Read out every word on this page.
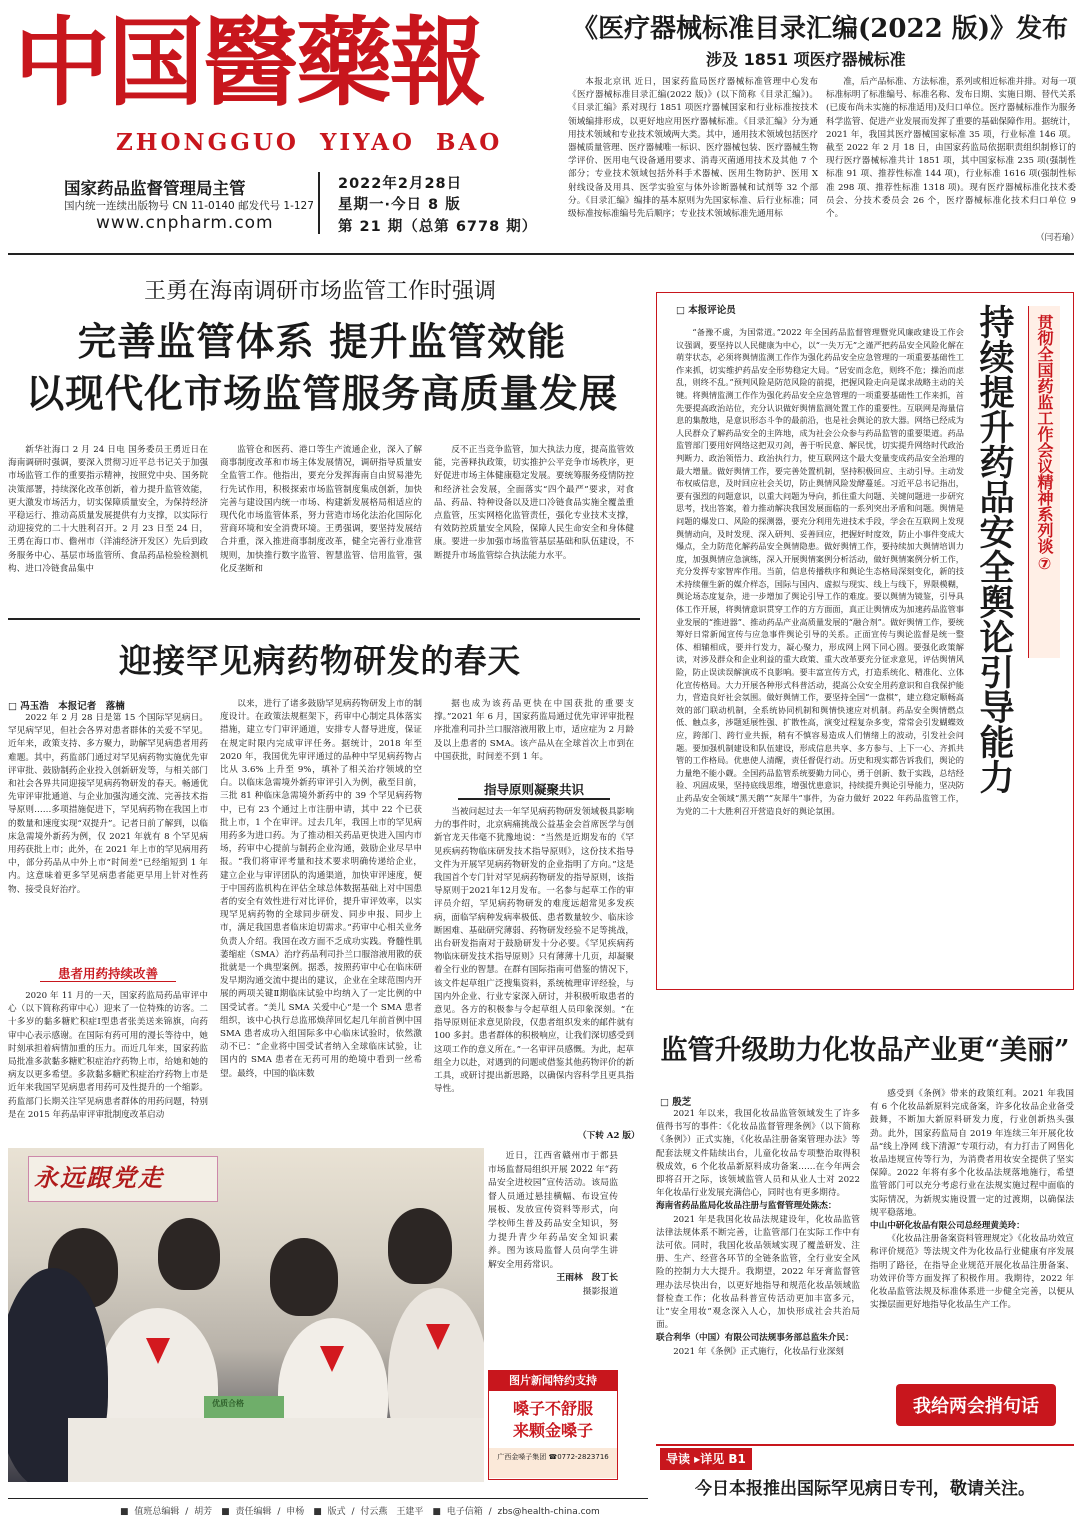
中国醫藥報
ZHONGGUO YIYAO BAO
国家药品监督管理局主管
国内统一连续出版物号 CN 11-0140 邮发代号 1-127
www.cnpharm.com
2022年2月28日
星期一·今日 8 版
第 21 期（总第 6778 期）
《医疗器械标准目录汇编(2022 版)》发布
涉及 1851 项医疗器械标准

本报北京讯 近日，国家药监局医疗器械标准管理中心发布《医疗器械标准目录汇编(2022 版)》(以下简称《目录汇编》)。《目录汇编》系对现行 1851 项医疗器械国家和行业标准按技术领域编排形成，以更好地应用医疗器械标准。《目录汇编》分为通用技术领域和专业技术领域两大类。其中，通用技术领域包括医疗器械质量管理、医疗器械唯一标识、医疗器械包装、医疗器械生物学评价、医用电气设备通用要求、消毒灭菌通用技术及其他 7 个部分；专业技术领域包括外科手术器械、医用生物防护、医用 X 射线设备及用具、医学实验室与体外诊断器械和试剂等 32 个部分。《目录汇编》编排的基本原则为先国家标准、后行业标准；同级标准按标准编号先后顺序；专业技术领域标准先通用标

准，后产品标准、方法标准，系列或相近标准并排。对每一项标准标明了标准编号、标准名称、发布日期、实施日期、替代关系(已废布尚未实施的标准适用)及归口单位。医疗器械标准作为服务科学监管、促进产业发展而发挥了重要的基础保障作用。据统计，2021 年，我国其医疗器械国家标准 35 项，行业标准 146 项。截至 2022 年 2 月 18 日，由国家药监局依据职责组织制修订的现行医疗器械标准共计 1851 项，其中国家标准 235 项(强制性标准 91 项、推荐性标准 144 项)，行业标准 1616 项(强制性标准 298 项、推荐性标准 1318 项)。现有医疗器械标准化技术委员会、分技术委员会 26 个，医疗器械标准化技术归口单位 9 个。

（闫若瑜）
王勇在海南调研市场监管工作时强调
完善监管体系 提升监管效能
以现代化市场监管服务高质量发展

新华社海口 2 月 24 日电 国务委员王勇近日在海南调研时强调，要深入贯彻习近平总书记关于加强市场监管工作的重要指示精神，按照党中央、国务院决策部署，持续深化改革创新，着力提升监管效能，更大激发市场活力，切实保障质量安全，为保持经济平稳运行、推动高质量发展提供有力支撑，以实际行动迎接党的二十大胜利召开。2 月 23 日至 24 日，王勇在海口市、儋州市（洋浦经济开发区）先后到政务服务中心、基层市场监管所、食品药品检验检测机构、进口冷链食品集中

监管仓和医药、港口等生产流通企业，深入了解商事制度改革和市场主体发展情况，调研指导质量安全监管工作。他指出，要充分发挥海南自由贸易港先行先试作用，积极探索市场监管制度集成创新，加快完善与建设国内统一市场、构建新发展格局相适应的现代化市场监管体系，努力营造市场化法治化国际化营商环境和安全消费环境。王勇强调，要坚持发展结合并重，深入推进商事制度改革，健全完善行业准营规则，加快推行数字监管、智慧监管、信用监管，强化反垄断和

反不正当竞争监管，加大执法力度，提高监管效能，完善释执政策，切实推护公平竞争市场秩序，更好促进市场主体健康稳定发展。要统筹服务疫情防控和经济社会发展，全面落实“四个最严”要求，对食品、药品、特种设备以及进口冷链食品实施全覆盖重点监管，压实网格化监管责任，强化专业技术支撑，有效防控质量安全风险，保障人民生命安全和身体健康。要进一步加强市场监管基层基础和队伍建设，不断提升市场监管综合执法能力水平。

迎接罕见病药物研发的春天
□ 冯玉浩　本报记者　落楠

2022 年 2 月 28 日是第 15 个国际罕见病日。罕见病罕见，但社会各界对患者群体的关爱不罕见。近年来，政策支持、多方聚力，助解罕见病患者用药难题。其中，药监部门通过对罕见病药物实施优先审评审批、鼓励制药企业投入创新研发等，与相关部门和社会各界共同迎接罕见病药物研发的春天。畅通优先审评审批通道、与企业加强沟通交流、完善技术指导原则……多项措施促进下，罕见病药物在我国上市的数量和速度实现“双提升”。记者日前了解到，以临床急需境外新药为例，仅 2021 年就有 8 个罕见病用药获批上市；此外，在 2021 年上市的罕见病用药中，部分药品从中外上市“时间差”已经缩短到 1 年内。这意味着更多罕见病患者能更早用上针对性药物、接受良好治疗。

患者用药持续改善

2020 年 11 月的一天，国家药监局药品审评中心（以下简称药审中心）迎来了一位特殊的访客。二十多岁的黏多糖贮积症Ⅰ型患者张美送来锦旗，向药审中心表示感谢。在国际有药可用的漫长等待中，她时刻承担着病情加重的压力。而近几年来，国家药监局批准多款黏多糖贮积症治疗药物上市，给她和她的病友以更多希望。多款黏多糖贮积症治疗药物上市是近年来我国罕见病患者用药可及性提升的一个缩影。药监部门长期关注罕见病患者群体的用药问题，特别是在 2015 年药品审评审批制度改革启动

以来，进行了诸多鼓励罕见病药物研发上市的制度设计。在政策法规框架下，药审中心制定具体落实措施，建立专门审评通道，安排专人督导进度，保证在规定时限内完成审评任务。据统计，2018 年至 2020 年，我国优先审评通过的品种中罕见病药物占比从 3.6% 上升至 9%，填补了相关治疗领域的空白。以临床急需境外新药审评引入为例，截至目前，三批 81 种临床急需境外新药中的 39 个罕见病药物中，已有 23 个通过上市注册申请，其中 22 个已获批上市，1 个在审评。过去几年，我国上市的罕见病用药多为进口药。为了推动相关药品更快进入国内市场，药审中心提前与制药企业沟通，鼓励企业尽早申报。“我们将审评考量和技术要求明确传递给企业，建立企业与审评团队的沟通渠道，加快审评速度，便于中国药监机构在评估全球总体数据基础上对中国患者的安全有效性进行对比评价，提升审评效率，以实现罕见病药物的全球同步研发、同步申报、同步上市，满足我国患者临床迫切需求。”药审中心相关业务负责人介绍。我国在改方面不乏成功实践。脊髓性肌萎缩症（SMA）治疗药品利司扑兰口服溶液用散的获批就是一个典型案例。据悉，按照药审中心在临床研发早期沟通交流中提出的建议，企业在全球范围内开展的两项关键Ⅱ期临床试验中均纳入了一定比例的中国受试者。“美儿 SMA 关爱中心”是一个 SMA 患者组织，该中心执行总监邢焕萍回忆起几年前首例中国 SMA 患者成功入组国际多中心临床试验时，依然激动不已：“企业将中国受试者纳入全球临床试验，让国内的 SMA 患者在无药可用的绝境中看到一丝希望。最终，中国的临床数

据也成为该药品更快在中国获批的重要支撑。”2021 年 6 月，国家药监局通过优先审评审批程序批准利司扑兰口服溶液用散上市，适应症为 2 月龄及以上患者的 SMA。该产品从在全球首次上市到在中国获批，时间差不到 1 年。

指导原则凝聚共识

当被问起过去一年罕见病药物研发领域极具影响力的事件时，北京病痛挑战公益基金会首席医学与创新官龙天伟毫不犹豫地说：“当然是近期发布的《罕见疾病药物临床研发技术指导原则》，这份技术指导文件为开展罕见病药物研发的企业指明了方向。”这是我国首个专门针对罕见病药物研发的指导原则，该指导原则于2021年12月发布。一名参与起草工作的审评员介绍，罕见病药物研发的难度远超常见多发疾病，面临罕病种发病率极低、患者数量较少、临床诊断困难、基础研究薄弱、药物研发经验不足等挑战，出台研发指南对于鼓励研发十分必要。《罕见疾病药物临床研发技术指导原则》只有薄薄十几页，却凝聚着全行业的智慧。在群有国际指南可借鉴的情况下，该文件起草组广泛搜集资料，系统梳理审评经验，与国内外企业、行业专家深入研讨，并积极听取患者的意见。各方的积极参与令起草组人员印象深刻。“在指导原则征求意见阶段，仅患者组织发来的邮件就有 100 多封。患者群体的积极响应，让我们深切感受到这项工作的意义所在。”一名审评员感慨。为此，起草组全力以赴，对遇到的问题或借鉴其他药物评价的新工具，或研讨提出新思路，以确保内容科学且更具指导性。

（下转 A2 版）
□ 本报评论员

“备豫不虞，为国常道。”2022 年全国药品监督管理暨党风廉政建设工作会议强调，要坚持以人民健康为中心，以“一失万无”之谨严把药品安全风险化解在萌芽状态，必须将舆情监测工作作为强化药品安全应急管理的一项重要基础性工作来抓，切实维护药品安全形势稳定大局。“居安而念危，则终不危；操治而虑乱，则终不乱。”预判风险是防范风险的前提，把握风险走向是谋求战略主动的关键。将舆情监测工作作为强化药品安全应急管理的一项重要基础性工作来抓，首先要提高政治站位，充分认识做好舆情监测处置工作的重要性。互联网是海量信息的集散地，是意识形态斗争的最前沿，也是社会舆论的放大器。网络已经成为人民群众了解药品安全的主阵地，成为社会公众参与药品监管的重要渠道。药品监管部门要用好网络这把双刃剑，善于听民意、解民忧，切实提升网络时代政治判断力、政治领悟力、政治执行力，使互联网这个最大变量变成药品安全治理的最大增量。做好舆情工作，要完善处置机制，坚持积极回应、主动引导。主动发布权威信息，及时回应社会关切，防止舆情风险发酵蔓延。习近平总书记指出，要有强烈的问题意识，以重大问题为导向，抓住重大问题、关键问题进一步研究思考，找出答案，着力推动解决我国发展面临的一系列突出矛盾和问题。舆情是问题的爆发口、风险的探测器，要充分利用先进技术手段，学会在互联网上发现舆情动向，及时发现、深入研判、妥善回应，把握好时度效，防止小事件变成大爆点，全力防范化解药品安全舆情隐患。做好舆情工作，要持续加大舆情培训力度，加强舆情应急演练，深入开展舆情案例分析活动，做好舆情案例分析工作，充分发挥专家智库作用。当前，信息传播秩序和舆论生态格局深刻变化，新的技术持续催生新的媒介样态，国际与国内、虚拟与现实、线上与线下，界限模糊，舆论场态度复杂，进一步增加了舆论引导工作的难度。要以舆情为镜鉴，引导具体工作开展，将舆情意识贯穿工作的方方面面，真正让舆情成为加速药品监管事业发展的“推进器”、推动药品产业高质量发展的“融合剂”。做好舆情工作，要统筹好日常新闻宣传与应急事件舆论引导的关系。正面宣传与舆论监督是统一整体、相辅相成，要并行发力，凝心聚力，形成网上网下同心圆。要强化政策解读，对涉及群众和企业利益的重大政策、重大改革要充分征求意见，评估舆情风险，防止误读误解演成不良影响。要丰富宣传方式，打造系统化、精准化、立体化宣传格局。大力开展各种形式科普活动，提高公众安全用药意识和自我保护能力，营造良好社会氛围。做好舆情工作，要坚持全国“一盘棋”，建立稳定顺畅高效的部门联动机制，全系统协同机制和舆情快速应对机制。药品安全舆情燃点低、触点多，涉题延展性强、扩散性高，演变过程复杂多变，常常会引发蝴蝶效应，跨部门、跨行业共振，稍有不慎容易造成人们情绪上的波动，引发社会问题。要加强机制建设和队伍建设，形成信息共享、多方参与、上下一心、齐抓共管的工作格局。优患使人清醒，责任督促行动。历史和现实都告诉我们，舆论的力量绝不能小觑。全国药品监管系统要勤力同心，勇于创新、数于实践，总结经验、巩固成果，坚持底线思维，增强忧患意识，持续提升舆论引导能力，坚决防止药品安全领域“黑天鹅”“灰犀牛”事件，为奋力做好 2022 年药品监管工作，为党的二十大胜利召开营造良好的舆论氛围。

持续提升药品安全舆论引导能力	贯彻全国药监工作会议精神系列谈⑦
监管升级助力化妆品产业更“美丽”
□ 殷芝

2021 年以来，我国化妆品监管领域发生了许多值得书写的事件：《化妆品监督管理条例》（以下简称《条例》）正式实施，《化妆品注册备案管理办法》等配套法规文件陆续出台，儿童化妆品专项整治取得积极成效，6 个化妆品新原料成功备案……在今年两会即将召开之际，该领域监管人员和从业人士对 2022 年化妆品行业发展充满信心，同时也有更多期待。

海南省药品监局化妆品注册与监督管理处陈杰：

2021 年是我国化妆品法规建设年，化妆品监管法律法规体系不断完善，让监管部门在实际工作中有法可依。同时，我国化妆品领域实现了覆盖研发、注册、生产、经营各环节的全链条监管，全行业安全风险的控制力大大提升。我期望，2022 年牙膏监督管理办法尽快出台，以更好地指导和规范化妆品领域监督检查工作；化妆品科普宣传活动更加丰富多元，让“安全用妆”观念深入人心，加快形成社会共治局面。

联合利华（中国）有限公司法规事务部总监朱介民：

2021 年《条例》正式施行，化妆品行业深刻

感受到《条例》带来的政策红利。2021 年我国有 6 个化妆品新原料完成备案，许多化妆品企业备受鼓舞，不断加大新原料研发力度，行业创新热头强劲。此外，国家药监局自 2019 年连续三年开展化妆品“线上净网 线下清源”专项行动，有力打击了网售化妆品违规宣传等行为，为消费者用妆安全提供了坚实保障。2022 年将有多个化妆品法规落地施行，希望监管部门可以充分考虑行业在法规实施过程中面临的实际情况，为新规实施设置一定的过渡期，以确保法规平稳落地。

中山中研化妆品有限公司总经理黄美玲：

《化妆品注册备案资料管理规定》《化妆品功效宣称评价规范》等法规文件为化妆品行业健康有序发展指明了路径，在指导企业规范开展化妆品注册备案、功效评价等方面发挥了积极作用。我期待，2022 年化妆品监管法规及标准体系进一步健全完善，以便从实操层面更好地指导化妆品生产工作。

我给两会捎句话
永远跟党走
优质合格

近日，江西省赣州市于都县市场监督局组织开展 2022 年“药品安全进校园”宣传活动。该局监督人员通过悬挂横幅、布设宣传展板、发放宣传资料等形式，向学校师生普及药品安全知识，努力提升青少年药品安全知识素养。图为该局监督人员向学生讲解安全用药常识。

王雨林　段丁长

摄影报道

图片新闻特约支持
嗓子不舒服
来颗金嗓子
广西金嗓子集团 ☎0772-2823716	导读 ▸详见 B1—B3 版
今日本报推出国际罕见病日专刊，敬请关注。
■ 值班总编辑 / 胡芳　■ 责任编辑 / 申杨　■ 版式 / 付云燕　王建平　■ 电子信箱 / zbs@health-china.com
